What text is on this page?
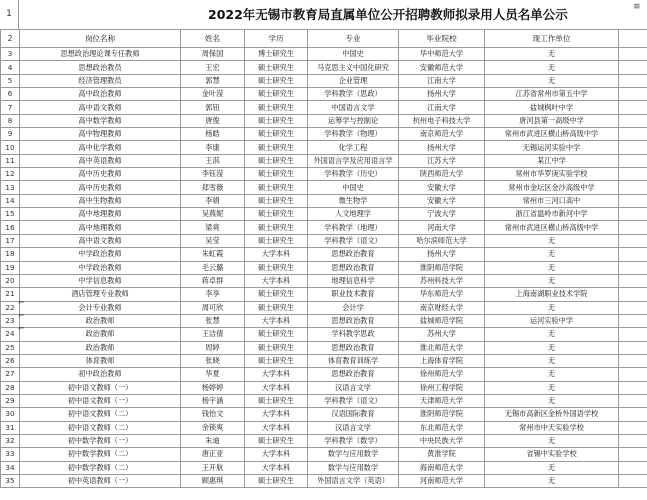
1	2022年无锡市教育局直属单位公开招聘教师拟录用人员名单公示	≌
2	岗位名称	姓名	学历	专业	毕业院校	现工作单位	
3	思想政治理论课专任教师	周保国	博士研究生	中国史	华中师范大学	无	
4	思想政治教员	王宏	硕士研究生	马克思主义中国化研究	安徽师范大学	无	
5	经济管理教员	郭慧	硕士研究生	企业管理	江南大学	无	
6	高中政治教师	金叶滢	硕士研究生	学科教学（思政）	扬州大学	江苏省常州市第五中学	
7	高中语文教师	郭钮	硕士研究生	中国语言文学	江南大学	盐城枫叶中学	
8	高中数学教师	唐俊	硕士研究生	运筹学与控制论	杭州电子科技大学	唐河县第一高级中学	
9	高中物理教师	杨皓	硕士研究生	学科教学（物理）	南京师范大学	常州市武进区横山桥高级中学	
10	高中化学教师	李康	硕士研究生	化学工程	扬州大学	无锡运河实验中学	
11	高中英语教师	王淇	硕士研究生	外国语言学及应用语言学	江苏大学	某江中学	
12	高中历史教师	李钰滢	硕士研究生	学科教学（历史）	陕西师范大学	常州市华罗庚实验学校	
13	高中历史教师	郑雪薇	硕士研究生	中国史	安徽大学	常州市金坛区金沙高级中学	
14	高中生物教师	李娟	硕士研究生	微生物学	安徽大学	常州市三河口高中	
15	高中地理教师	吴燕妮	硕士研究生	人文地理学	宁波大学	浙江省温岭市新河中学	
16	高中地理教师	梁爽	硕士研究生	学科教学（地理）	河南大学	常州市武进区横山桥高级中学	
17	高中语文教师	吴莹	硕士研究生	学科教学（语文）	哈尔滨师范大学	无	
18	中学政治教师	朱虹霞	大学本科	思想政治教育	扬州大学	无	
19	中学政治教师	毛云璐	硕士研究生	思想政治教育	淮阴师范学院	无	
20	中学信息教师	蒋卓群	大学本科	地理信息科学	苏州科技大学	无	
21	酒店管理专业教师	李享	硕士研究生	职业技术教育	华东师范大学	上海南湖职业技术学院	
22	会计专业教师	周可欣	硕士研究生	会计学	南京财经大学	无	
23	政治教师	张慧	大学本科	思想政治教育	盐城师范学院	运河实验中学	
24	政治教师	王洁倩	硕士研究生	学科教学思政	苏州大学	无	
25	政治教师	周婷	硕士研究生	思想政治教育	淮北师范大学	无	
26	体育教师	张晓	硕士研究生	体育教育训练学	上海体育学院	无	
27	初中政治教师	华夏	大学本科	思想政治教育	徐州师范大学	无	
28	初中语文教师（一）	杨婷婷	大学本科	汉语言文学	徐州工程学院	无	
29	初中语文教师（一）	杨宇涵	硕士研究生	学科教学（语文）	天津师范大学	无	
30	初中语文教师（二）	钱怡文	大学本科	汉语国际教育	淮阴师范学院	无锡市高新区金桥外国语学校	
31	初中语文教师（二）	余锁爽	大学本科	汉语言文学	东北师范大学	常州市中天实验学校	
32	初中数学教师（一）	朱迪	硕士研究生	学科教学（数学）	中央民族大学	无	
33	初中数学教师（二）	唐正亚	大学本科	数学与应用数学	黄淮学院	省锡中实验学校	
34	初中数学教师（二）	王开航	大学本科	数学与应用数学	海南师范大学	无	
35	初中英语教师（一）	顾惠琪	硕士研究生	外国语言文学（英语）	河南师范大学	无	
⌐
⌐
⌐
